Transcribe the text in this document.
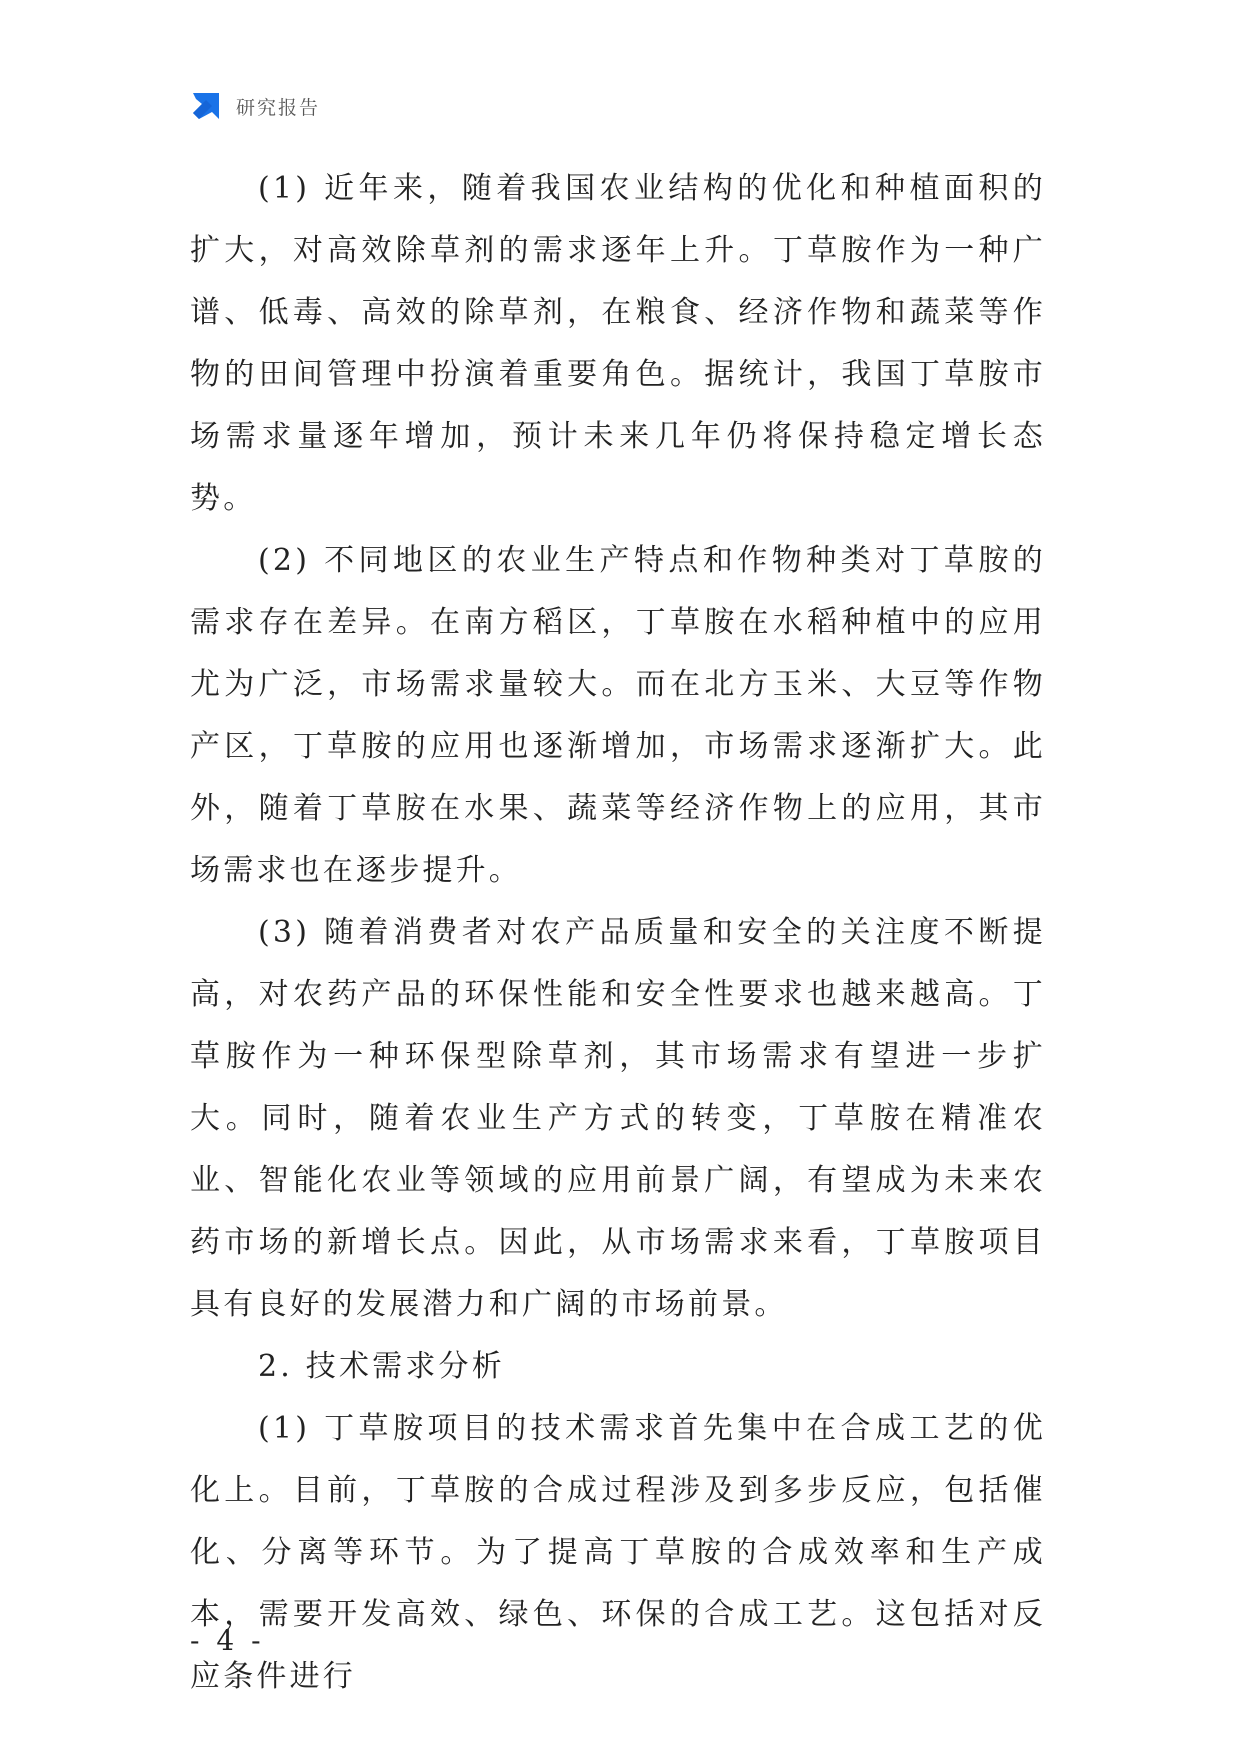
研究报告

(1) 近年来，随着我国农业结构的优化和种植面积的扩大，对高效除草剂的需求逐年上升。丁草胺作为一种广谱、低毒、高效的除草剂，在粮食、经济作物和蔬菜等作物的田间管理中扮演着重要角色。据统计，我国丁草胺市场需求量逐年增加，预计未来几年仍将保持稳定增长态势。

(2) 不同地区的农业生产特点和作物种类对丁草胺的需求存在差异。在南方稻区，丁草胺在水稻种植中的应用尤为广泛，市场需求量较大。而在北方玉米、大豆等作物产区，丁草胺的应用也逐渐增加，市场需求逐渐扩大。此外，随着丁草胺在水果、蔬菜等经济作物上的应用，其市场需求也在逐步提升。

(3) 随着消费者对农产品质量和安全的关注度不断提高，对农药产品的环保性能和安全性要求也越来越高。丁草胺作为一种环保型除草剂，其市场需求有望进一步扩大。同时，随着农业生产方式的转变，丁草胺在精准农业、智能化农业等领域的应用前景广阔，有望成为未来农药市场的新增长点。因此，从市场需求来看，丁草胺项目具有良好的发展潜力和广阔的市场前景。

2. 技术需求分析

(1) 丁草胺项目的技术需求首先集中在合成工艺的优化上。目前，丁草胺的合成过程涉及到多步反应，包括催化、分离等环节。为了提高丁草胺的合成效率和生产成本，需要开发高效、绿色、环保的合成工艺。这包括对反应条件进行

- 4 -
